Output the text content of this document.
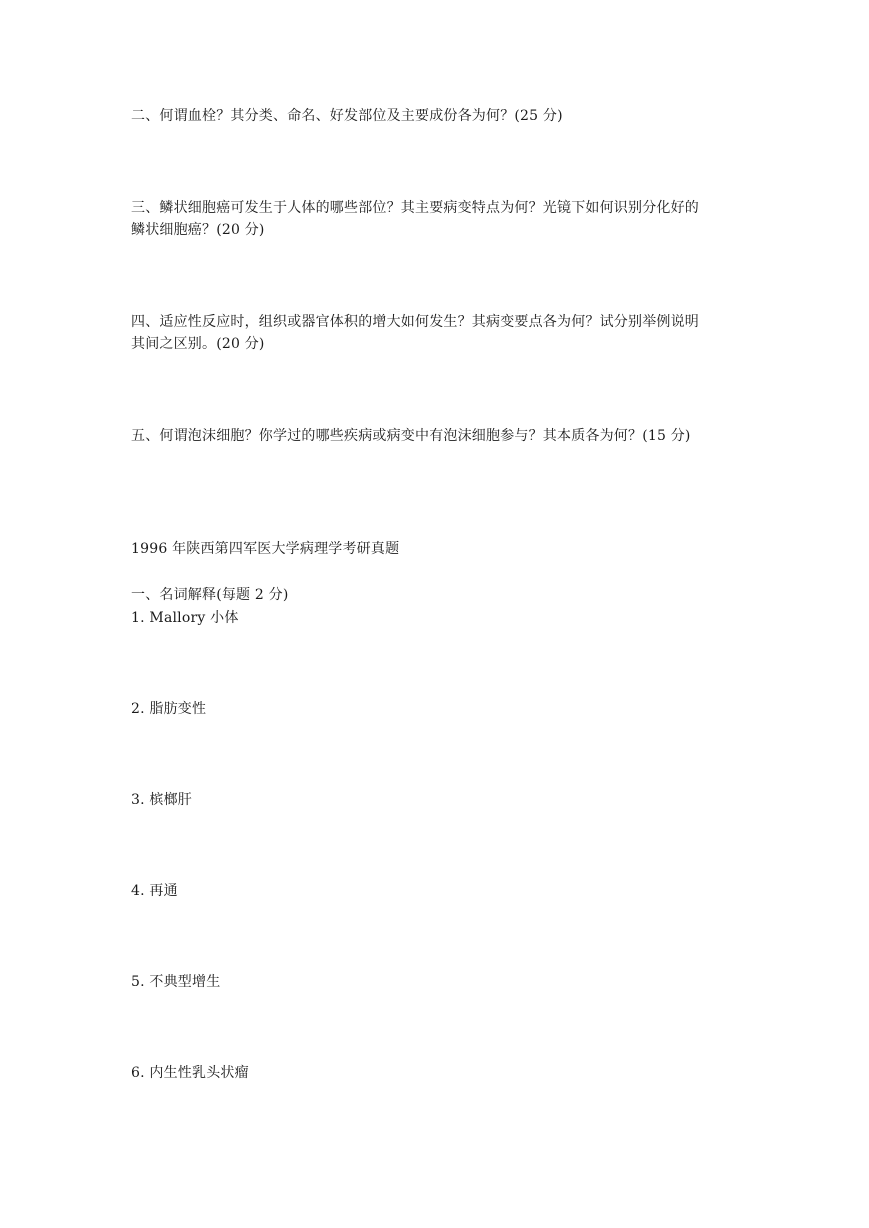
二、何谓血栓？其分类、命名、好发部位及主要成份各为何？(25 分)
三、鳞状细胞癌可发生于人体的哪些部位？其主要病变特点为何？光镜下如何识别分化好的
鳞状细胞癌？(20 分)
四、适应性反应时，组织或器官体积的增大如何发生？其病变要点各为何？试分别举例说明
其间之区别。(20 分)
五、何谓泡沫细胞？你学过的哪些疾病或病变中有泡沫细胞参与？其本质各为何？(15 分)
1996 年陕西第四军医大学病理学考研真题
一、名词解释(每题 2 分)
1. Mallory 小体
2. 脂肪变性
3. 槟榔肝
4. 再通
5. 不典型增生
6. 内生性乳头状瘤
